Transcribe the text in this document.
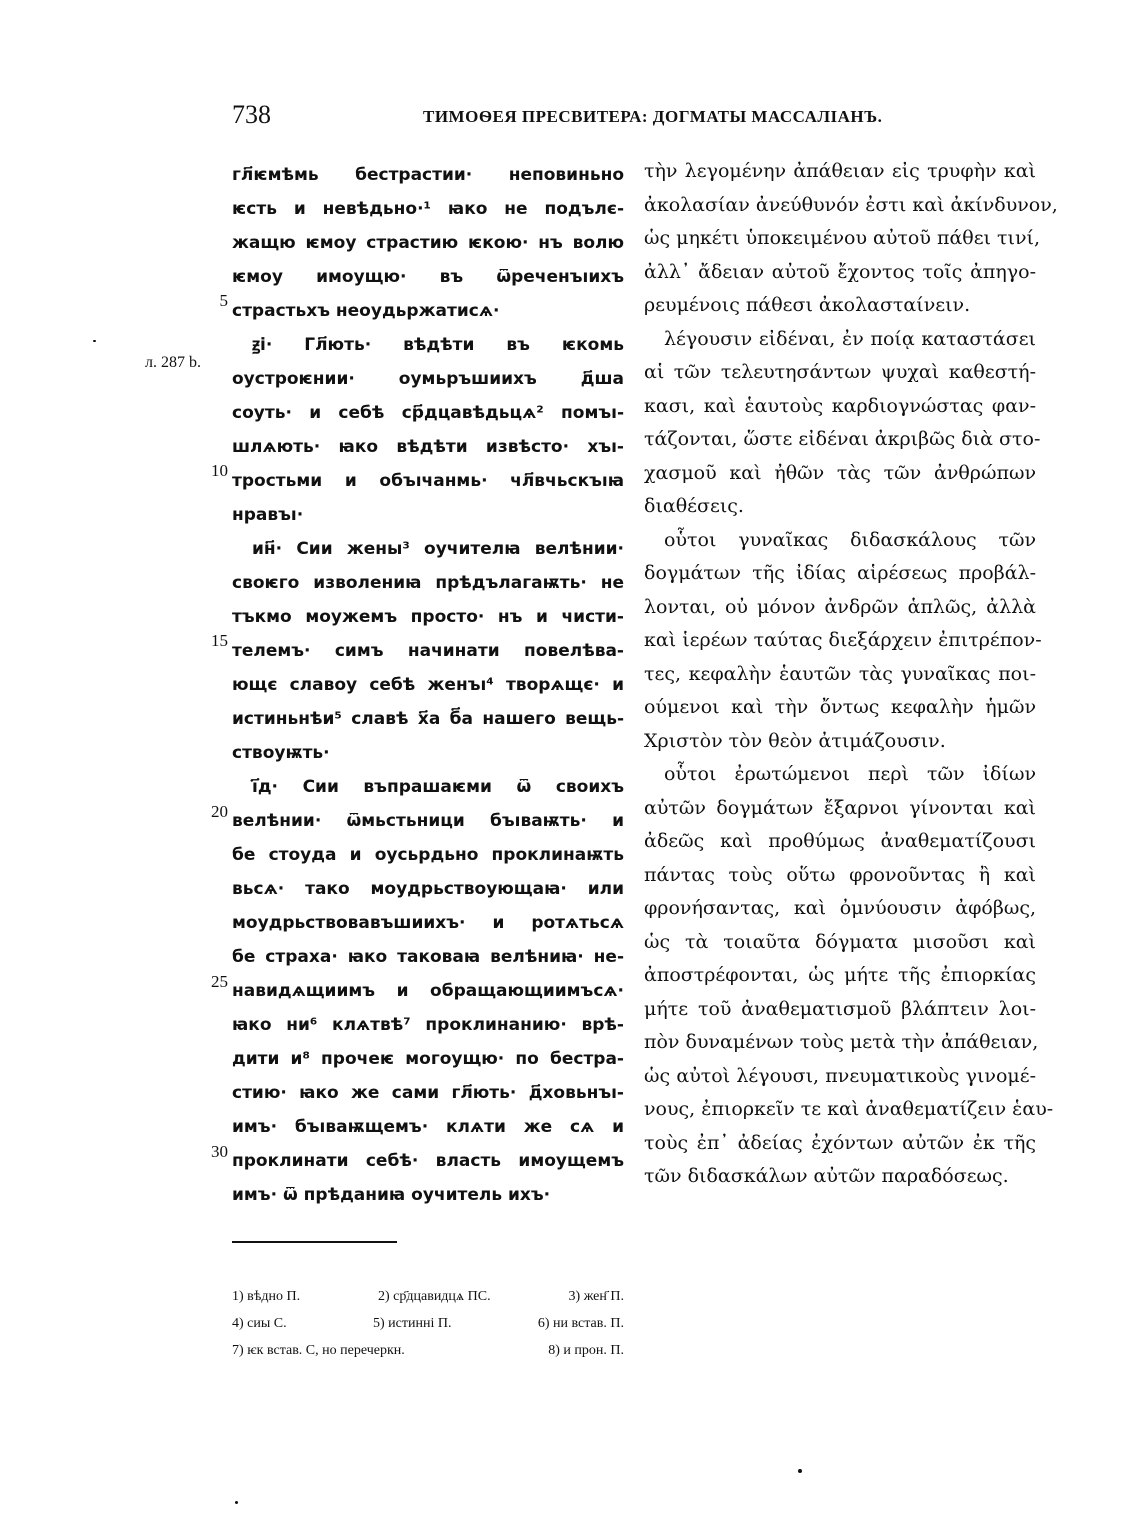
738	ТИМОѲЕЯ ПРЕСВИТЕРА: ДОГМАТЫ МАССАЛІАНЪ.
л. 287 b.
5
10
15
20
25
30
гл҃ѥмѣмь бестрастии· неповиньно
ѥсть и невѣдьно·¹ ꙗко не подълє-
жащю ѥмоу страстию ѥкою· нъ волю
ѥмоу имоущю· въ ѿреченъıихъ
страстьхъ неоудьржатисѧ·
ꙃі· Гл҃ють· вѣдѣти въ ѥкомь
оустроѥнии· оумьръшиихъ д҃ша
соуть· и себѣ ср҃дцавѣдьцѧ² помъı-
шлѧють· ꙗко вѣдѣти извѣсто· хъı-
тростьми и объıчанмь· чл҃вчьскъıꙗ
нравъı·
ин҃· Сии жены³ оучителꙗ велѣнии·
своѥго изволениꙗ прѣдълагаѭть· не
тъкмо моужемъ просто· нъ и чисти-
телемъ· симъ начинати повелѣва-
ющє славоу себѣ женъı⁴ творѧщє· и
истиньнѣи⁵ славѣ х҃а б҃а нашего вещь-
ствоуѭть·
і҃д· Сии въпрашаѥми ѿ своихъ
велѣнии· ѿмьстьници бъıваѭть· и
бе стоуда и оусьрдьно проклинаѭть
вьсѧ· тако моудрьствоующаꙗ· или
моудрьствовавъшиихъ· и ротѧтьсѧ
бе страха· ꙗко таковаꙗ велѣниꙗ· не-
навидѧщиимъ и обращающиимъсѧ·
ꙗко ни⁶ клѧтвѣ⁷ проклинанию· врѣ-
дити и⁸ прочеѥ могоущю· по бестра-
стию· ꙗко же сами гл҃ють· д҃ховьнъı-
имъ· бъıваѭщемъ· клѧти же сѧ и
проклинати себѣ· власть имоущемъ
имъ· ѿ прѣданиꙗ оучитель ихъ·
τὴν λεγομένην ἀπάθειαν εἰς τρυφὴν καὶ
ἀκολασίαν ἀνεύθυνόν ἐστι καὶ ἀκίνδυνον,
ὡς μηκέτι ὑποκειμένου αὐτοῦ πάθει τινί,
ἀλλ᾽ ἄδειαν αὐτοῦ ἔχοντος τοῖς ἀπηγο-
ρευμένοις πάθεσι ἀκολασταίνειν.
λέγουσιν εἰδέναι, ἐν ποίᾳ καταστάσει
αἱ τῶν τελευτησάντων ψυχαὶ καθεστή-
κασι, καὶ ἑαυτοὺς καρδιογνώστας φαν-
τάζονται, ὥστε εἰδέναι ἀκριβῶς διὰ στο-
χασμοῦ καὶ ἠθῶν τὰς τῶν ἀνθρώπων
διαθέσεις.
οὗτοι γυναῖκας διδασκάλους τῶν
δογμάτων τῆς ἰδίας αἱρέσεως προβάλ-
λονται, οὐ μόνον ἀνδρῶν ἁπλῶς, ἀλλὰ
καὶ ἱερέων ταύτας διεξάρχειν ἐπιτρέπον-
τες, κεφαλὴν ἑαυτῶν τὰς γυναῖκας ποι-
ούμενοι καὶ τὴν ὄντως κεφαλὴν ἡμῶν
Χριστὸν τὸν θεὸν ἀτιμάζουσιν.
οὗτοι ἐρωτώμενοι περὶ τῶν ἰδίων
αὐτῶν δογμάτων ἔξαρνοι γίνονται καὶ
ἀδεῶς καὶ προθύμως ἀναθεματίζουσι
πάντας τοὺς οὕτω φρονοῦντας ἢ καὶ
φρονήσαντας, καὶ ὀμνύουσιν ἀφόβως,
ὡς τὰ τοιαῦτα δόγματα μισοῦσι καὶ
ἀποστρέφονται, ὡς μήτε τῆς ἐπιορκίας
μήτε τοῦ ἀναθεματισμοῦ βλάπτειν λοι-
πὸν δυναμένων τοὺς μετὰ τὴν ἀπάθειαν,
ὡς αὐτοὶ λέγουσι, πνευματικοὺς γινομέ-
νους, ἐπιορκεῖν τε καὶ ἀναθεματίζειν ἑαυ-
τοὺς ἐπ᾽ ἀδείας ἐχόντων αὐτῶν ἐκ τῆς
τῶν διδασκάλων αὐτῶν παραδόσεως.
1) вѣдно П.	2) ср҃дцавидцѧ ПС.	3) жен҃ П.
4) сиы С.	5) истинні П.	6) ни встав. П.
7) ѥк встав. С, но перечеркн.	8) и прон. П.
